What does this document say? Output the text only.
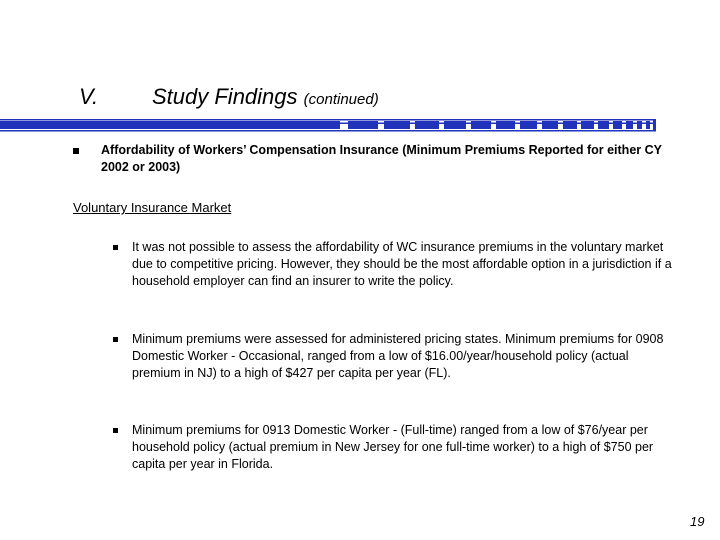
V. Study Findings (continued)
Affordability of Workers’ Compensation Insurance (Minimum Premiums Reported for either CY 2002 or 2003)
Voluntary Insurance Market
It was not possible to assess the affordability of WC insurance premiums in the voluntary market due to competitive pricing. However, they should be the most affordable option in a jurisdiction if a household employer can find an insurer to write the policy.
Minimum premiums were assessed for administered pricing states. Minimum premiums for 0908 Domestic Worker - Occasional, ranged from a low of $16.00/year/household policy (actual premium in NJ) to a high of $427 per capita per year (FL).
Minimum premiums for 0913 Domestic Worker - (Full-time) ranged from a low of $76/year per household policy (actual premium in New Jersey for one full-time worker) to a high of $750 per capita per year in Florida.
19
